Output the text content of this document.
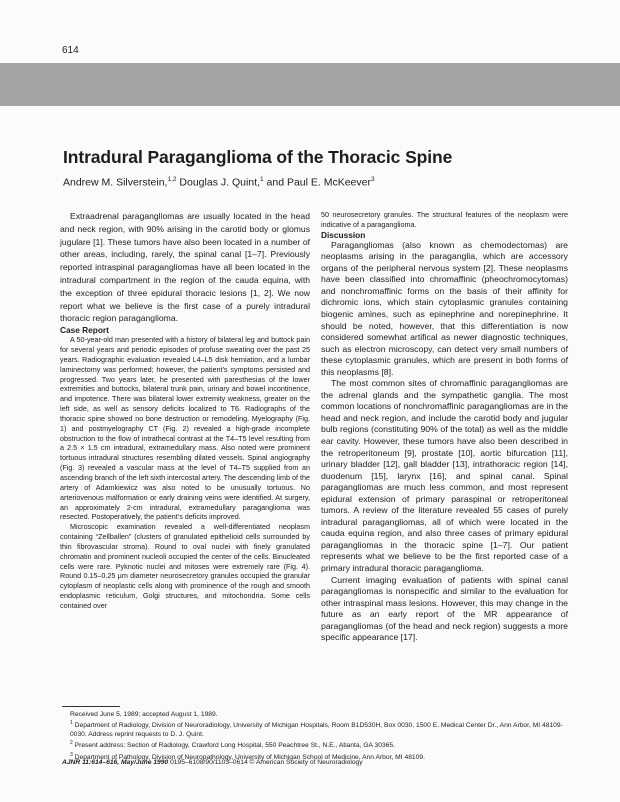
614
Intradural Paraganglioma of the Thoracic Spine
Andrew M. Silverstein,$^{1,2}$ Douglas J. Quint,$^1$ and Paul E. McKeever$^3$

Extraadrenal paragangliomas are usually located in the head and neck region, with 90% arising in the carotid body or glomus jugulare [1]. These tumors have also been located in a number of other areas, including, rarely, the spinal canal [1–7]. Previously reported intraspinal paragangliomas have all been located in the intradural compartment in the region of the cauda equina, with the exception of three epidural thoracic lesions [1, 2]. We now report what we believe is the first case of a purely intradural thoracic region paraganglioma.

Case Report

A 50-year-old man presented with a history of bilateral leg and buttock pain for several years and periodic episodes of profuse sweating over the past 25 years. Radiographic evaluation revealed L4–L5 disk herniation, and a lumbar laminectomy was performed; however, the patient’s symptoms persisted and progressed. Two years later, he presented with paresthesias of the lower extremities and buttocks, bilateral trunk pain, urinary and bowel incontinence, and impotence. There was bilateral lower extremity weakness, greater on the left side, as well as sensory deficits localized to T6. Radiographs of the thoracic spine showed no bone destruction or remodeling. Myelography (Fig. 1) and postmyelography CT (Fig. 2) revealed a high-grade incomplete obstruction to the flow of intrathecal contrast at the T4–T5 level resulting from a 2.5 × 1.5 cm intradural, extramedullary mass. Also noted were prominent tortuous intradural structures resembling dilated vessels. Spinal angiography (Fig. 3) revealed a vascular mass at the level of T4–T5 supplied from an ascending branch of the left sixth intercostal artery. The descending limb of the artery of Adamkiewicz was also noted to be unusually tortuous. No arteriovenous malformation or early draining veins were identified. At surgery, an approximately 2-cm intradural, extramedullary paraganglioma was resected. Postoperatively, the patient’s deficits improved.

Microscopic examination revealed a well-differentiated neoplasm containing “Zellballen” (clusters of granulated epithelioid cells surrounded by thin fibrovascular stroma). Round to oval nuclei with finely granulated chromatin and prominent nucleoli occupied the center of the cells. Binucleated cells were rare. Pyknotic nuclei and mitoses were extremely rare (Fig. 4). Round 0.15–0.25 μm diameter neurosecretory granules occupied the granular cytoplasm of neoplastic cells along with prominence of the rough and smooth endoplasmic reticulum, Golgi structures, and mitochondria. Some cells contained over

50 neurosecretory granules. The structural features of the neoplasm were indicative of a paraganglioma.

Discussion

Paragangliomas (also known as chemodectomas) are neoplasms arising in the paraganglia, which are accessory organs of the peripheral nervous system [2]. These neoplasms have been classified into chromaffinic (pheochromocytomas) and nonchromaffinic forms on the basis of their affinity for dichromic ions, which stain cytoplasmic granules containing biogenic amines, such as epinephrine and norepinephrine. It should be noted, however, that this differentiation is now considered somewhat artifical as newer diagnostic techniques, such as electron microscopy, can detect very small numbers of these cytoplasmic granules, which are present in both forms of this neoplasms [8].

The most common sites of chromaffinic paragangliomas are the adrenal glands and the sympathetic ganglia. The most common locations of nonchromaffinic paragangliomas are in the head and neck region, and include the carotid body and jugular bulb regions (constituting 90% of the total) as well as the middle ear cavity. However, these tumors have also been described in the retroperitoneum [9], prostate [10], aortic bifurcation [11], urinary bladder [12], gall bladder [13], intrathoracic region [14], duodenum [15], larynx [16], and spinal canal. Spinal paragangliomas are much less common, and most represent epidural extension of primary paraspinal or retroperitoneal tumors. A review of the literature revealed 55 cases of purely intradural paragangliomas, all of which were located in the cauda equina region, and also three cases of primary epidural paragangliomas in the thoracic spine [1–7]. Our patient represents what we believe to be the first reported case of a primary intradural thoracic paraganglioma.

Current imaging evaluation of patients with spinal canal paragangliomas is nonspecific and similar to the evaluation for other intraspinal mass lesions. However, this may change in the future as an early report of the MR appearance of paragangliomas (of the head and neck region) suggests a more specific appearance [17].

Received June 5, 1989; accepted August 1, 1989.
$^1$ Department of Radiology, Division of Neuroradiology, University of Michigan Hospitals, Room B1D530H, Box 0030, 1500 E. Medical Center Dr., Ann Arbor, MI 48109-0030. Address reprint requests to D. J. Quint.
$^2$ Present address: Section of Radiology, Crawford Long Hospital, 550 Peachtree St., N.E., Atlanta, GA 30365.
$^3$ Department of Pathology, Division of Neuropathology, University of Michigan School of Medicine, Ann Arbor, MI 48109.
AJNR 11:614–616, May/June 1990 0195–6108/90/1103–0614 © American Society of Neuroradiology
